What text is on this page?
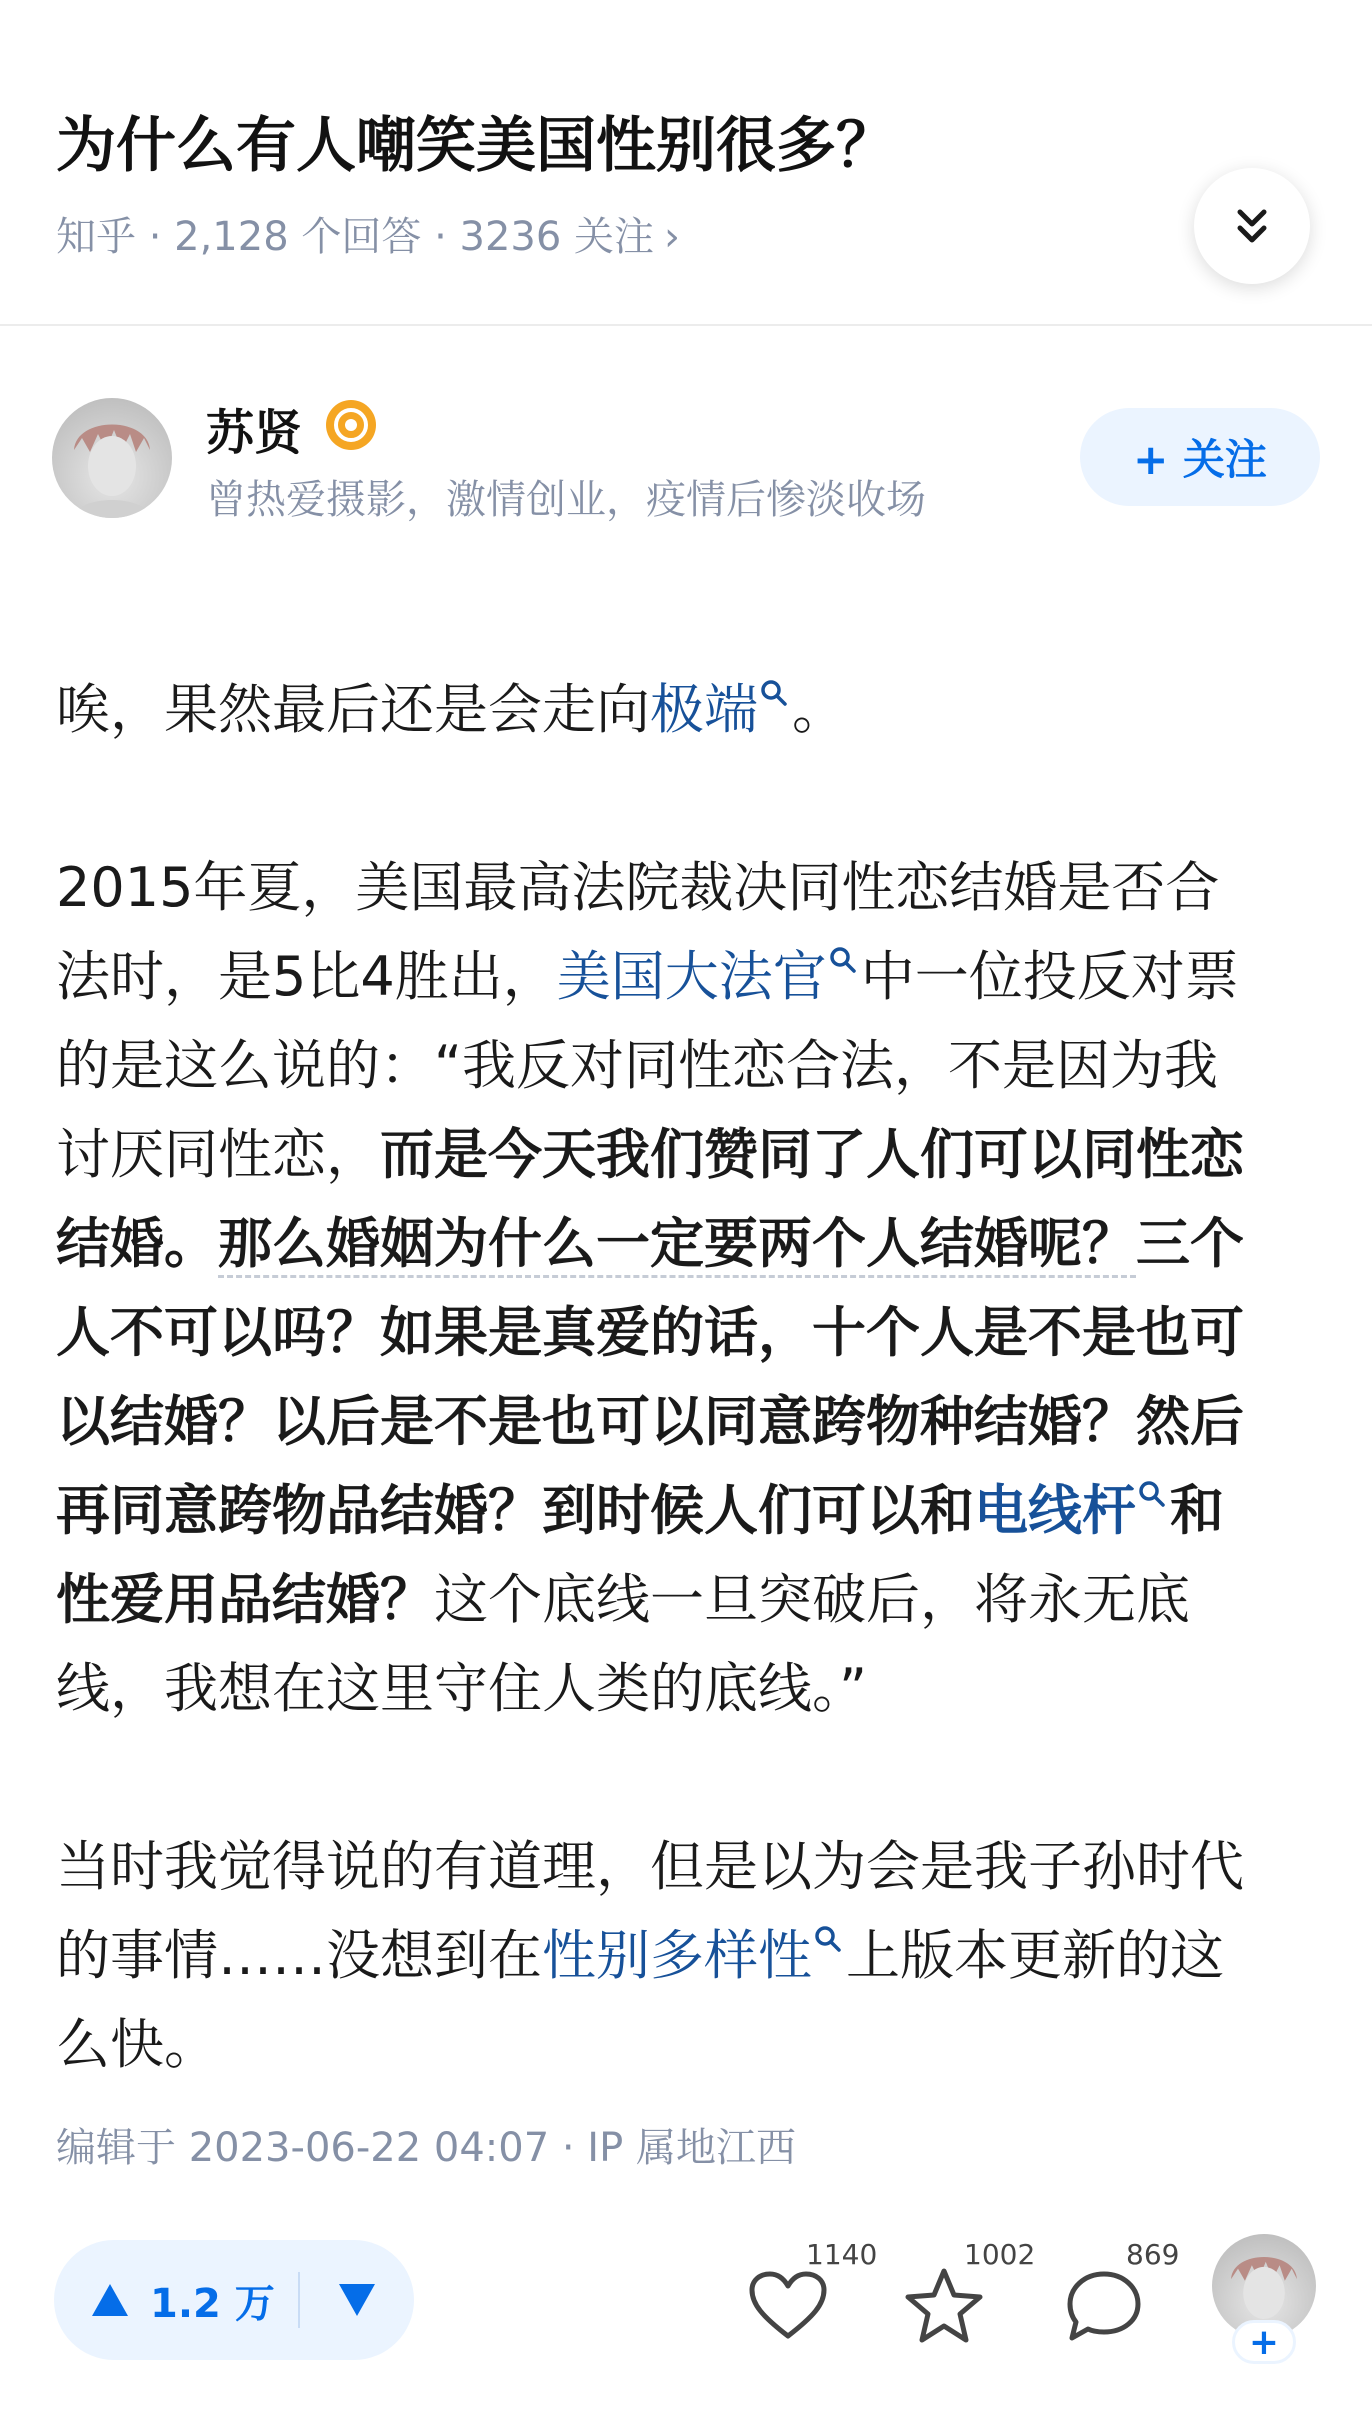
为什么有人嘲笑美国性别很多？
知乎 · 2,128 个回答 · 3236 关注 ›
苏贤
曾热爱摄影，激情创业，疫情后惨淡收场
+ 关注

唉，果然最后还是会走向极端 。

2015年夏，美国最高法院裁决同性恋结婚是否合

法时，是5比4胜出，美国大法官 中一位投反对票

的是这么说的：“我反对同性恋合法，不是因为我

讨厌同性恋，而是今天我们赞同了人们可以同性恋

结婚。那么婚姻为什么一定要两个人结婚呢？三个

人不可以吗？如果是真爱的话，十个人是不是也可

以结婚？以后是不是也可以同意跨物种结婚？然后

再同意跨物品结婚？到时候人们可以和电线杆 和

性爱用品结婚？这个底线一旦突破后，将永无底

线，我想在这里守住人类的底线。”

当时我觉得说的有道理，但是以为会是我子孙时代

的事情……没想到在性别多样性 上版本更新的这

么快。

编辑于 2023-06-22 04:07 · IP 属地江西
1.2 万
1140	1002	869
+
